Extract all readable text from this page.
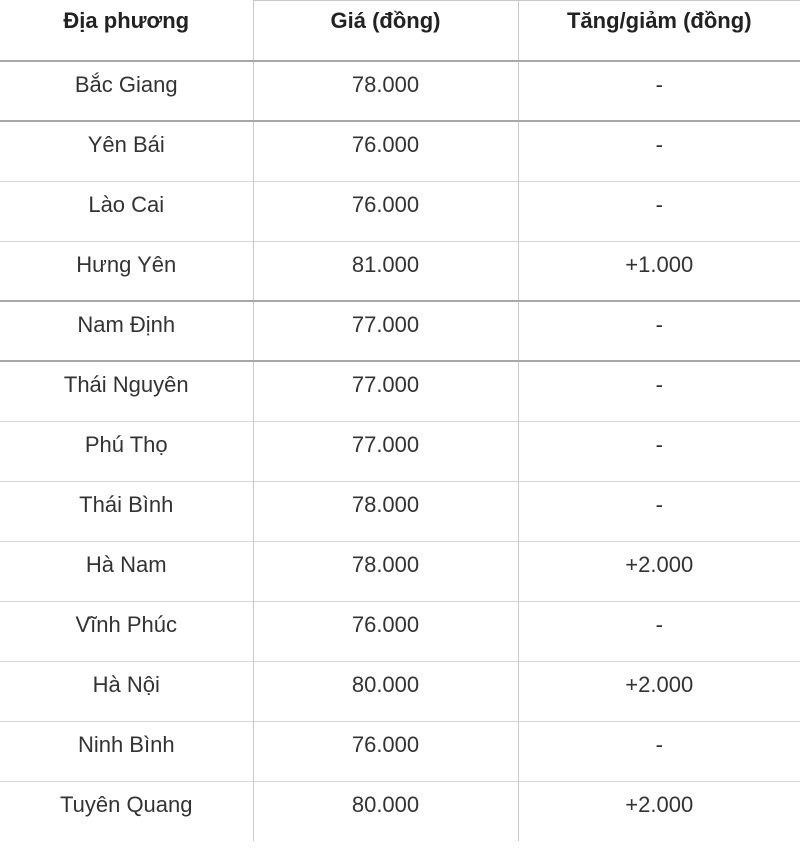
Địa phương	Giá (đồng)	Tăng/giảm (đồng)
Bắc Giang	78.000	-
Yên Bái	76.000	-
Lào Cai	76.000	-
Hưng Yên	81.000	+1.000
Nam Định	77.000	-
Thái Nguyên	77.000	-
Phú Thọ	77.000	-
Thái Bình	78.000	-
Hà Nam	78.000	+2.000
Vĩnh Phúc	76.000	-
Hà Nội	80.000	+2.000
Ninh Bình	76.000	-
Tuyên Quang	80.000	+2.000
